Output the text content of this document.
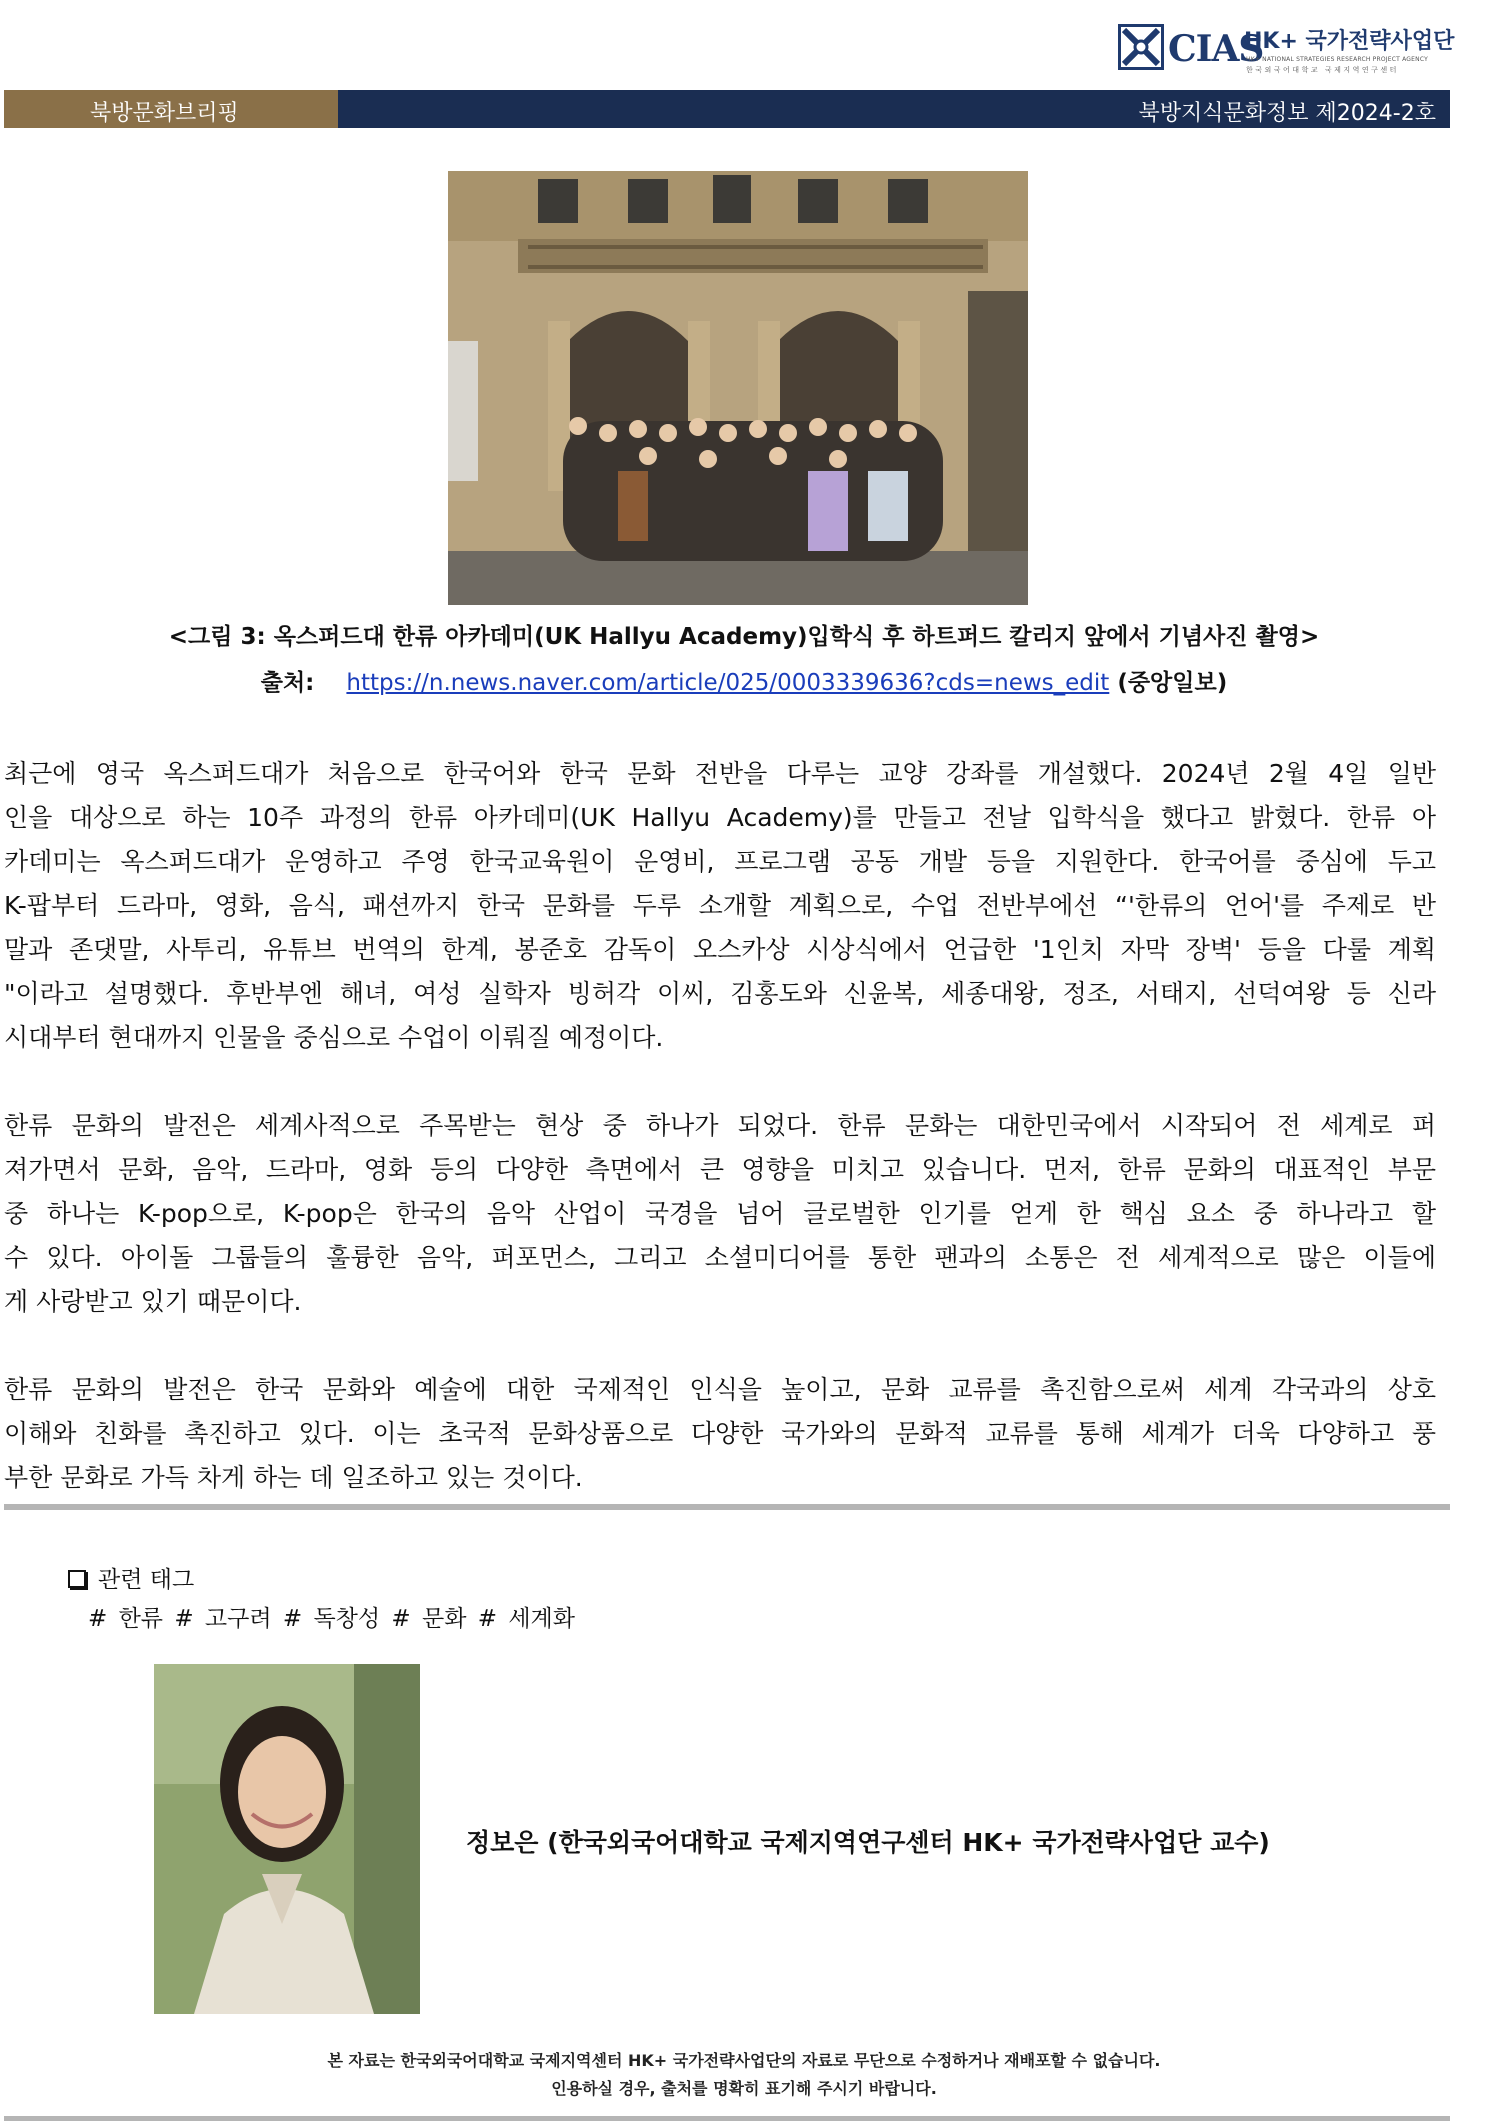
CIAS
HK+ 국가전략사업단
HK+ NATIONAL STRATEGIES RESEARCH PROJECT AGENCY
한국외국어대학교 국제지역연구센터
북방문화브리핑	북방지식문화정보 제2024-2호
<그림 3: 옥스퍼드대 한류 아카데미(UK Hallyu Academy)입학식 후 하트퍼드 칼리지 앞에서 기념사진 촬영>
출처: https://n.news.naver.com/article/025/0003339636?cds=news_edit (중앙일보)
최근에 영국 옥스퍼드대가 처음으로 한국어와 한국 문화 전반을 다루는 교양 강좌를 개설했다. 2024년 2월 4일 일반
인을 대상으로 하는 10주 과정의 한류 아카데미(UK Hallyu Academy)를 만들고 전날 입학식을 했다고 밝혔다. 한류 아
카데미는 옥스퍼드대가 운영하고 주영 한국교육원이 운영비, 프로그램 공동 개발 등을 지원한다. 한국어를 중심에 두고
K-팝부터 드라마, 영화, 음식, 패션까지 한국 문화를 두루 소개할 계획으로, 수업 전반부에선 “'한류의 언어'를 주제로 반
말과 존댓말, 사투리, 유튜브 번역의 한계, 봉준호 감독이 오스카상 시상식에서 언급한 '1인치 자막 장벽' 등을 다룰 계획
"이라고 설명했다. 후반부엔 해녀, 여성 실학자 빙허각 이씨, 김홍도와 신윤복, 세종대왕, 정조, 서태지, 선덕여왕 등 신라
시대부터 현대까지 인물을 중심으로 수업이 이뤄질 예정이다.
한류 문화의 발전은 세계사적으로 주목받는 현상 중 하나가 되었다. 한류 문화는 대한민국에서 시작되어 전 세계로 퍼
져가면서 문화, 음악, 드라마, 영화 등의 다양한 측면에서 큰 영향을 미치고 있습니다. 먼저, 한류 문화의 대표적인 부문
중 하나는 K-pop으로, K-pop은 한국의 음악 산업이 국경을 넘어 글로벌한 인기를 얻게 한 핵심 요소 중 하나라고 할
수 있다. 아이돌 그룹들의 훌륭한 음악, 퍼포먼스, 그리고 소셜미디어를 통한 팬과의 소통은 전 세계적으로 많은 이들에
게 사랑받고 있기 때문이다.
한류 문화의 발전은 한국 문화와 예술에 대한 국제적인 인식을 높이고, 문화 교류를 촉진함으로써 세계 각국과의 상호
이해와 친화를 촉진하고 있다. 이는 초국적 문화상품으로 다양한 국가와의 문화적 교류를 통해 세계가 더욱 다양하고 풍
부한 문화로 가득 차게 하는 데 일조하고 있는 것이다.
관련 태그
# 한류 # 고구려 # 독창성 # 문화 # 세계화
정보은 (한국외국어대학교 국제지역연구센터 HK+ 국가전략사업단 교수)
본 자료는 한국외국어대학교 국제지역센터 HK+ 국가전략사업단의 자료로 무단으로 수정하거나 재배포할 수 없습니다.
인용하실 경우, 출처를 명확히 표기해 주시기 바랍니다.
